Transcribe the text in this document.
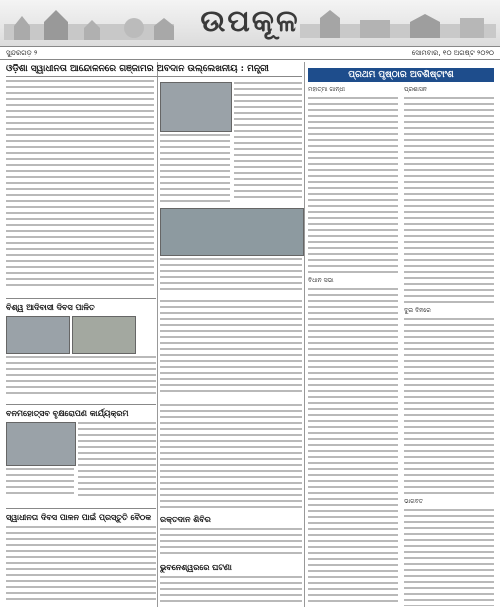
ଉପକୂଳ
ସୁନ୍ଦରଗଡ଼ ୨	ସୋମବାର, ୧୦ ଅଗଷ୍ଟ ୨୦୨୦
ଓଡ଼ିଶା ସ୍ୱାଧୀନତା ଆନ୍ଦୋଳନରେ ଗଞ୍ଜାମର ଅବଦାନ ଉଲ୍ଲେଖନୀୟ : ମନ୍ତ୍ରୀ
ବିଶ୍ୱ ଆଦିବାସୀ ଦିବସ ପାଳିତ
ବନମହୋତ୍ସବ ବୃକ୍ଷରୋପଣ କାର୍ଯ୍ୟକ୍ରମ
ସ୍ୱାଧୀନତା ଦିବସ ପାଳନ ପାଇଁ ପ୍ରସ୍ତୁତି ବୈଠକ
ପ୍ରଥମ ପୃଷ୍ଠାର ଅବଶିଷ୍ଟାଂଶ
ମହାତ୍ମା ଗାନ୍ଧୀ
ବିଧାନ ସଭା
ପ୍ରଶାସନ
ଦୁଇ ଦିନରେ
ଭାଗବତ
ରକ୍ତଦାନ ଶିବିର
ଭୁବନେଶ୍ୱରରେ ଘଟଣା
